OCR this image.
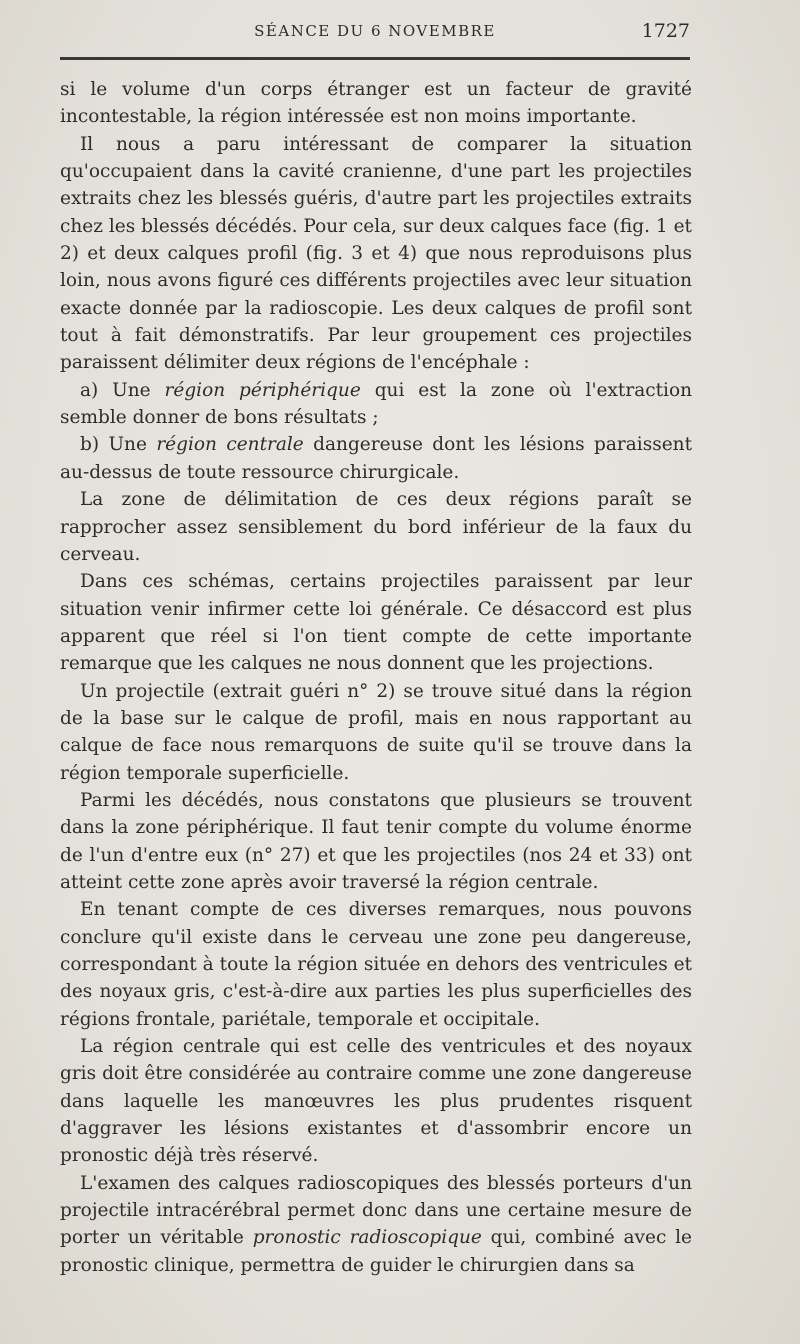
SÉANCE DU 6 NOVEMBRE	1727

si le volume d'un corps étranger est un facteur de gravité incontestable, la région intéressée est non moins importante.

Il nous a paru intéressant de comparer la situation qu'occupaient dans la cavité cranienne, d'une part les projectiles extraits chez les blessés guéris, d'autre part les projectiles extraits chez les blessés décédés. Pour cela, sur deux calques face (fig. 1 et 2) et deux calques profil (fig. 3 et 4) que nous reproduisons plus loin, nous avons figuré ces différents projectiles avec leur situation exacte donnée par la radioscopie. Les deux calques de profil sont tout à fait démonstratifs. Par leur groupement ces projectiles paraissent délimiter deux régions de l'encéphale :

a) Une région périphérique qui est la zone où l'extraction semble donner de bons résultats ;

b) Une région centrale dangereuse dont les lésions paraissent au-dessus de toute ressource chirurgicale.

La zone de délimitation de ces deux régions paraît se rapprocher assez sensiblement du bord inférieur de la faux du cerveau.

Dans ces schémas, certains projectiles paraissent par leur situation venir infirmer cette loi générale. Ce désaccord est plus apparent que réel si l'on tient compte de cette importante remarque que les calques ne nous donnent que les projections.

Un projectile (extrait guéri n° 2) se trouve situé dans la région de la base sur le calque de profil, mais en nous rapportant au calque de face nous remarquons de suite qu'il se trouve dans la région temporale superficielle.

Parmi les décédés, nous constatons que plusieurs se trouvent dans la zone périphérique. Il faut tenir compte du volume énorme de l'un d'entre eux (n° 27) et que les projectiles (nos 24 et 33) ont atteint cette zone après avoir traversé la région centrale.

En tenant compte de ces diverses remarques, nous pouvons conclure qu'il existe dans le cerveau une zone peu dangereuse, correspondant à toute la région située en dehors des ventricules et des noyaux gris, c'est-à-dire aux parties les plus superficielles des régions frontale, pariétale, temporale et occipitale.

La région centrale qui est celle des ventricules et des noyaux gris doit être considérée au contraire comme une zone dangereuse dans laquelle les manœuvres les plus prudentes risquent d'aggraver les lésions existantes et d'assombrir encore un pronostic déjà très réservé.

L'examen des calques radioscopiques des blessés porteurs d'un projectile intracérébral permet donc dans une certaine mesure de porter un véritable pronostic radioscopique qui, combiné avec le pronostic clinique, permettra de guider le chirurgien dans sa
